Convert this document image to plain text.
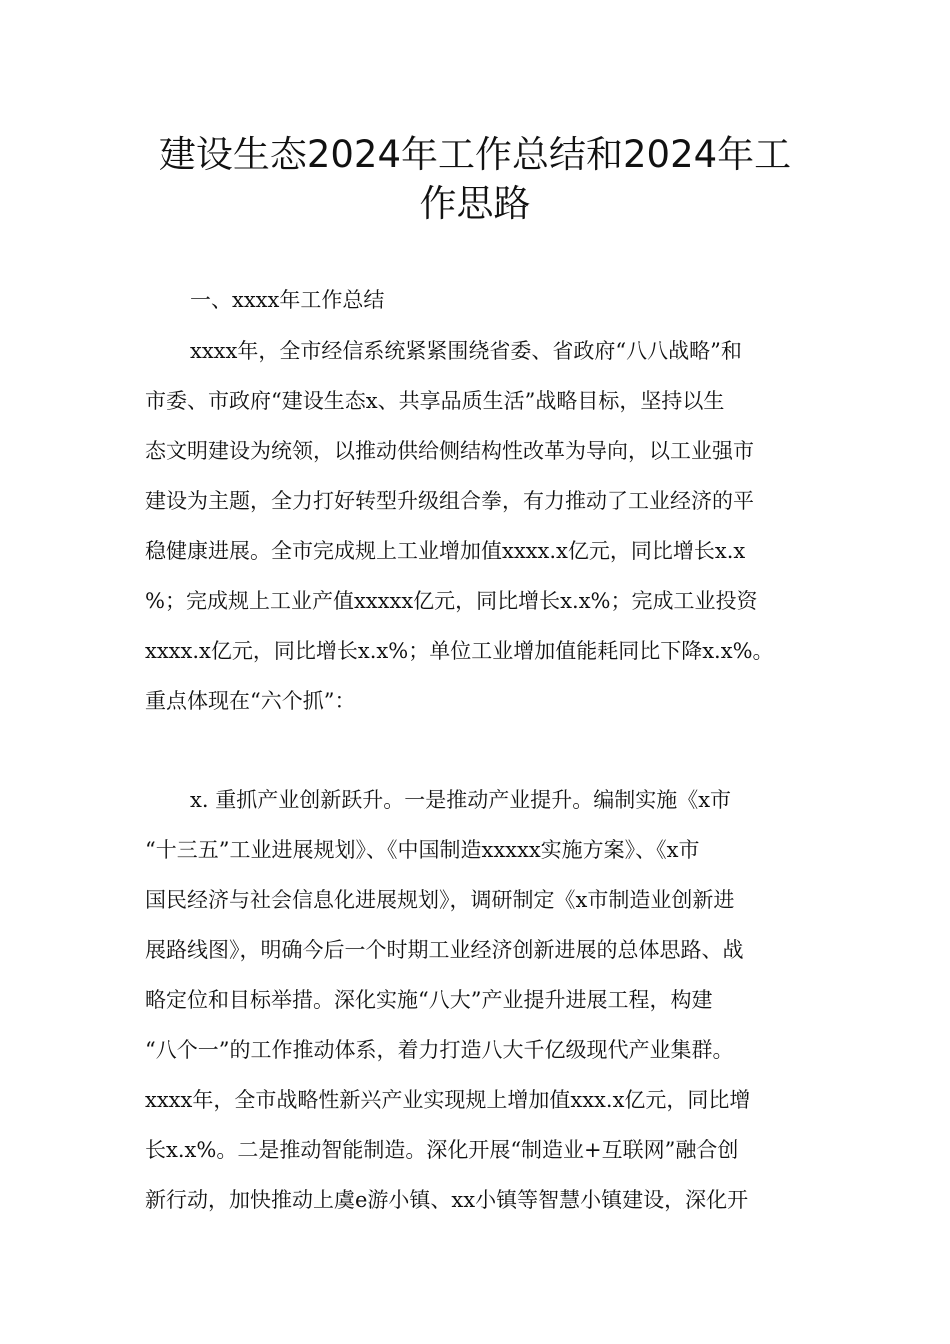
建设生态2024年工作总结和2024年工
作思路
一、xxxx年工作总结
xxxx年，全市经信系统紧紧围绕省委、省政府“八八战略”和
市委、市政府“建设生态x、共享品质生活”战略目标，坚持以生
态文明建设为统领，以推动供给侧结构性改革为导向，以工业强市
建设为主题，全力打好转型升级组合拳，有力推动了工业经济的平
稳健康进展。全市完成规上工业增加值xxxx.x亿元，同比增长x.x
%；完成规上工业产值xxxxx亿元，同比增长x.x%；完成工业投资
xxxx.x亿元，同比增长x.x%；单位工业增加值能耗同比下降x.x%。
重点体现在“六个抓”：
x. 重抓产业创新跃升。一是推动产业提升。编制实施《x市
“十三五”工业进展规划》、《中国制造xxxxx实施方案》、《x市
国民经济与社会信息化进展规划》，调研制定《x市制造业创新进
展路线图》，明确今后一个时期工业经济创新进展的总体思路、战
略定位和目标举措。深化实施“八大”产业提升进展工程，构建
“八个一”的工作推动体系，着力打造八大千亿级现代产业集群。
xxxx年，全市战略性新兴产业实现规上增加值xxx.x亿元，同比增
长x.x%。二是推动智能制造。深化开展“制造业+互联网”融合创
新行动，加快推动上虞e游小镇、xx小镇等智慧小镇建设，深化开
